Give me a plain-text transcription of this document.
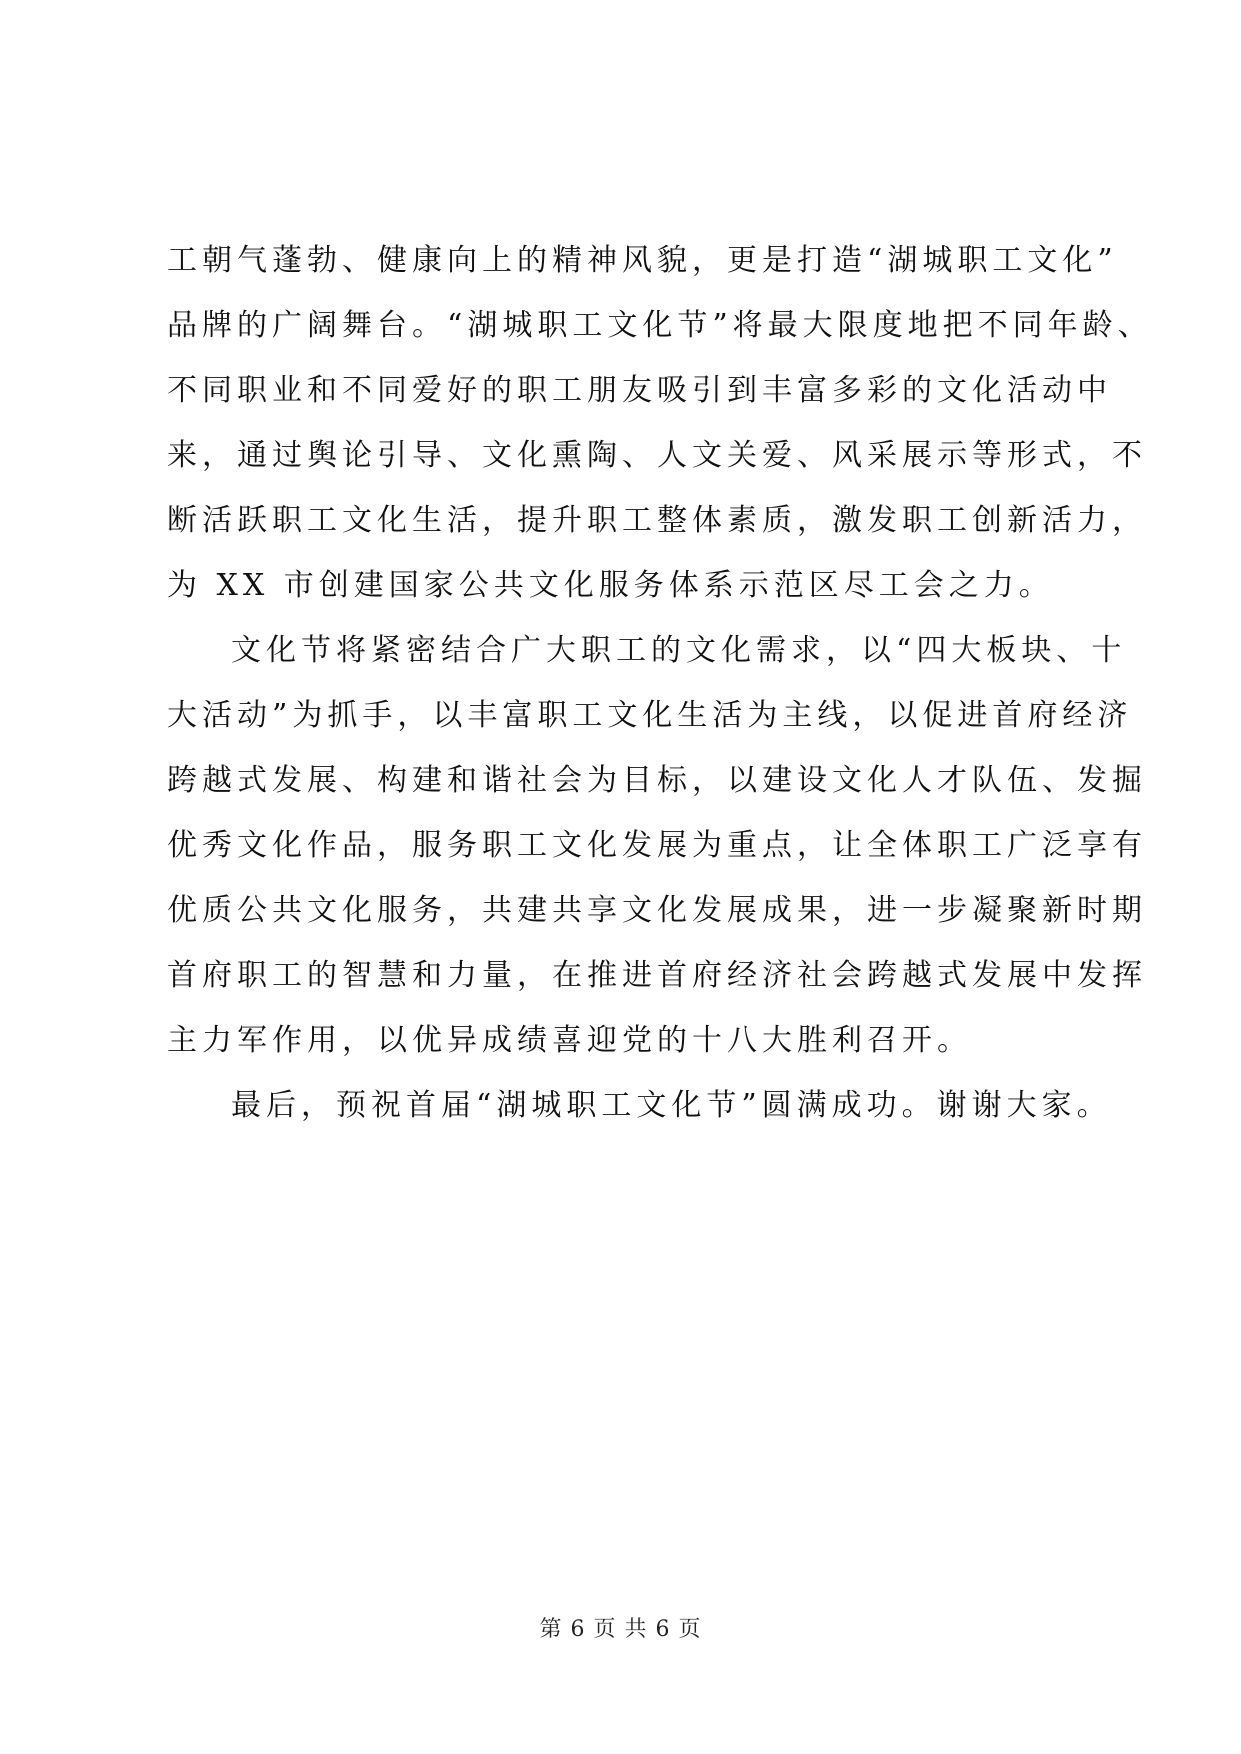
工朝气蓬勃、健康向上的精神风貌，更是打造“湖城职工文化”
品牌的广阔舞台。“湖城职工文化节”将最大限度地把不同年龄、
不同职业和不同爱好的职工朋友吸引到丰富多彩的文化活动中
来，通过舆论引导、文化熏陶、人文关爱、风采展示等形式，不
断活跃职工文化生活，提升职工整体素质，激发职工创新活力，
为 XX 市创建国家公共文化服务体系示范区尽工会之力。
文化节将紧密结合广大职工的文化需求，以“四大板块、十
大活动”为抓手，以丰富职工文化生活为主线，以促进首府经济
跨越式发展、构建和谐社会为目标，以建设文化人才队伍、发掘
优秀文化作品，服务职工文化发展为重点，让全体职工广泛享有
优质公共文化服务，共建共享文化发展成果，进一步凝聚新时期
首府职工的智慧和力量，在推进首府经济社会跨越式发展中发挥
主力军作用，以优异成绩喜迎党的十八大胜利召开。
最后，预祝首届“湖城职工文化节”圆满成功。谢谢大家。
第 6 页 共 6 页
